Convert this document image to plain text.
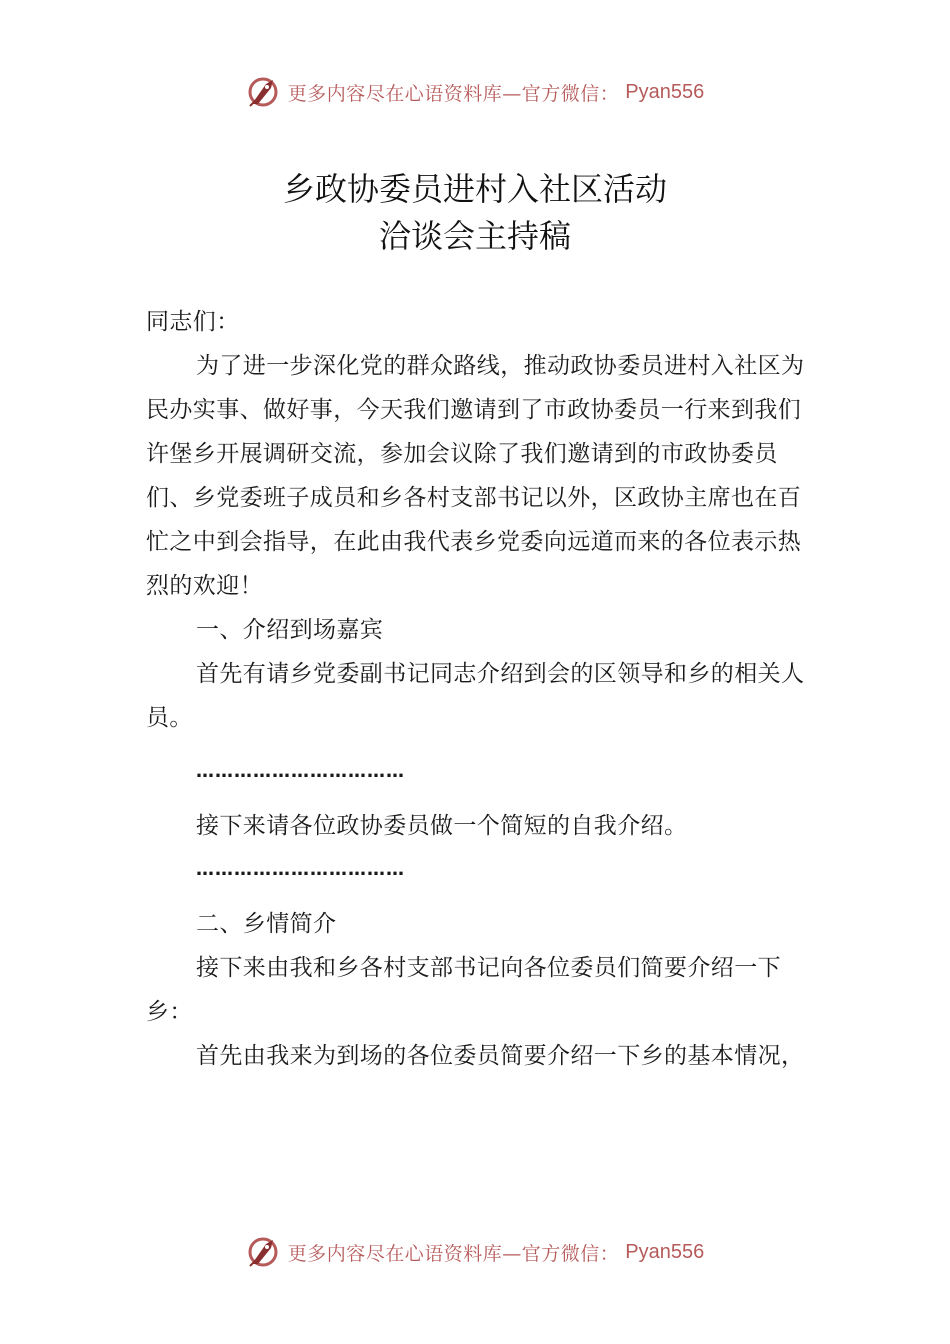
更多内容尽在心语资料库—官方微信： Pyan556
乡政协委员进村入社区活动
洽谈会主持稿

同志们：

为了进一步深化党的群众路线，推动政协委员进村入社区为民办实事、做好事，今天我们邀请到了市政协委员一行来到我们许堡乡开展调研交流，参加会议除了我们邀请到的市政协委员们、乡党委班子成员和乡各村支部书记以外，区政协主席也在百忙之中到会指导，在此由我代表乡党委向远道而来的各位表示热烈的欢迎！

一、介绍到场嘉宾

首先有请乡党委副书记同志介绍到会的区领导和乡的相关人员。

……………………………

接下来请各位政协委员做一个简短的自我介绍。

……………………………

二、乡情简介

接下来由我和乡各村支部书记向各位委员们简要介绍一下乡：

首先由我来为到场的各位委员简要介绍一下乡的基本情况，

更多内容尽在心语资料库—官方微信： Pyan556
